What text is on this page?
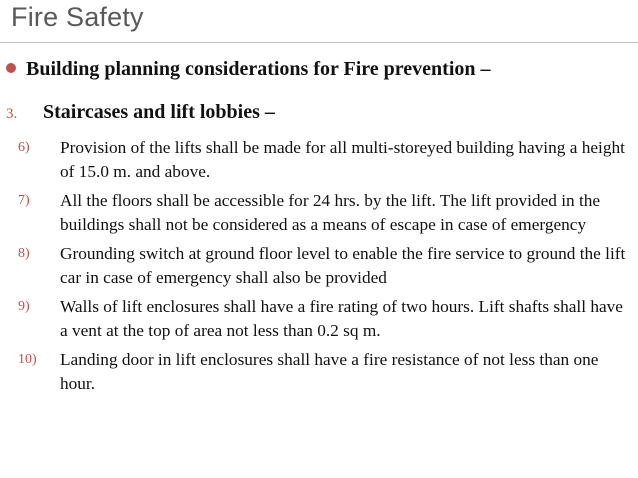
Fire Safety
Building planning considerations for Fire prevention –
3.	Staircases and lift lobbies –
6)	Provision of the lifts shall be made for all multi-storeyed building having a height of 15.0 m. and above.
7)	All the floors shall be accessible for 24 hrs. by the lift. The lift provided in the buildings shall not be considered as a means of escape in case of emergency
8)	Grounding switch at ground floor level to enable the fire service to ground the lift car in case of emergency shall also be provided
9)	Walls of lift enclosures shall have a fire rating of two hours. Lift shafts shall have a vent at the top of area not less than 0.2 sq m.
10)	Landing door in lift enclosures shall have a fire resistance of not less than one hour.
